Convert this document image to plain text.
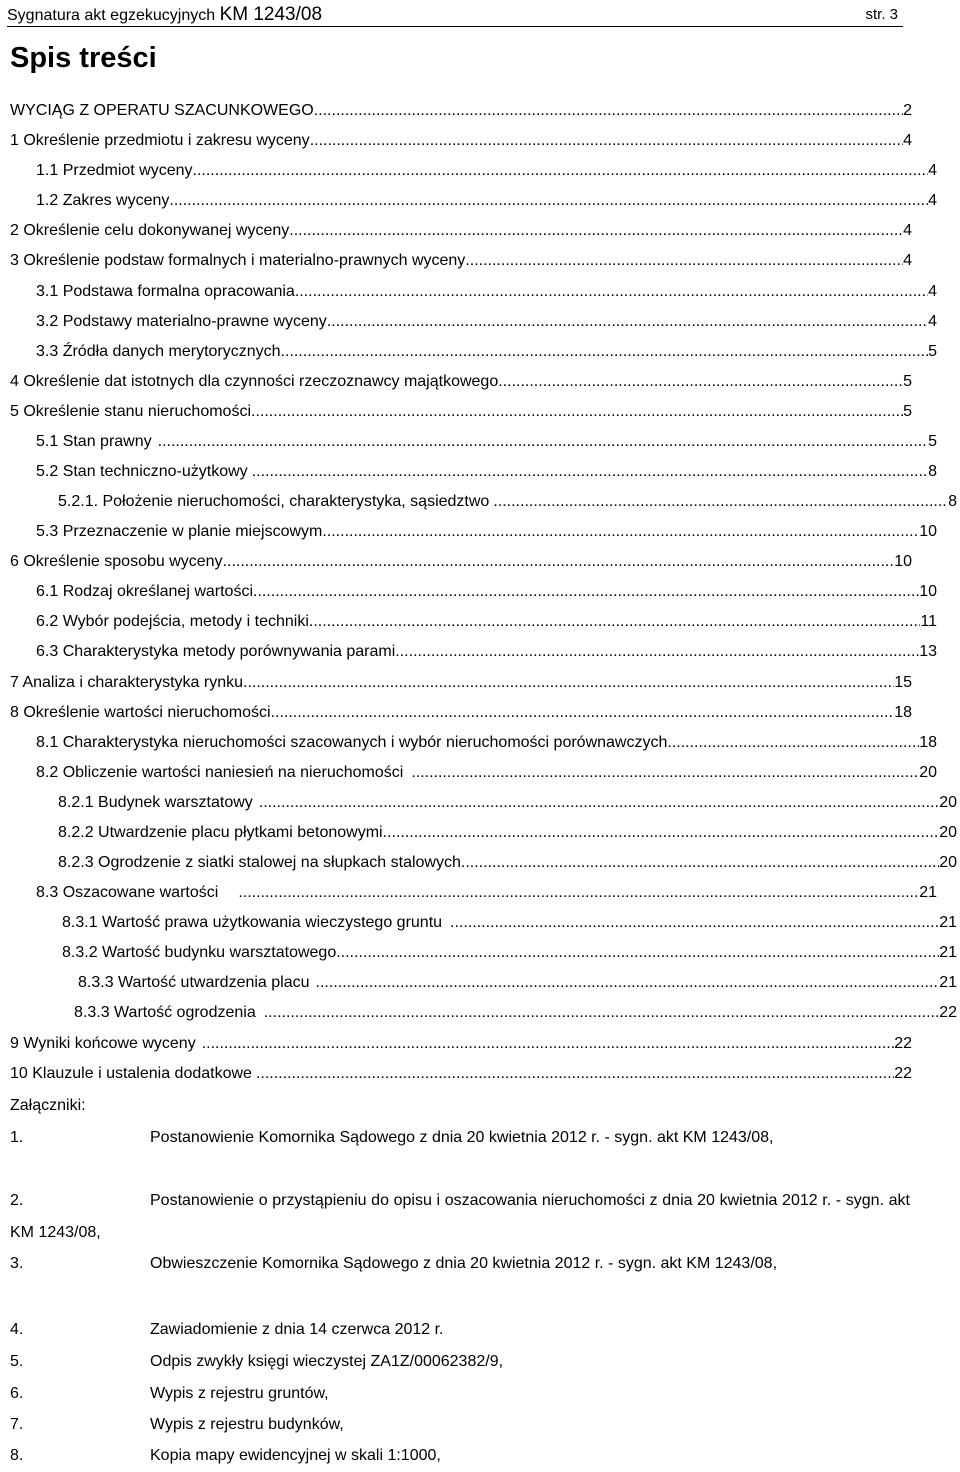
Sygnatura akt egzekucyjnych KM 1243/08	str. 3
Spis treści
WYCIĄG Z OPERATU SZACUNKOWEGO .....	2
1 Określenie przedmiotu i zakresu wyceny .....	4
1.1 Przedmiot wyceny .....	4
1.2 Zakres wyceny .....	4
2 Określenie celu dokonywanej wyceny .....	4
3 Określenie podstaw formalnych i materialno-prawnych wyceny .....	4
3.1 Podstawa formalna opracowania .....	4
3.2 Podstawy materialno-prawne wyceny .....	4
3.3 Źródła danych merytorycznych .....	5
4 Określenie dat istotnych dla czynności rzeczoznawcy majątkowego .....	5
5 Określenie stanu nieruchomości .....	5
5.1 Stan prawny .....	5
5.2 Stan techniczno-użytkowy .....	8
5.2.1. Położenie nieruchomości, charakterystyka, sąsiedztwo .....	8
5.3 Przeznaczenie w planie miejscowym .....	10
6 Określenie sposobu wyceny .....	10
6.1 Rodzaj określanej wartości .....	10
6.2 Wybór podejścia, metody i techniki .....	11
6.3 Charakterystyka metody porównywania parami .....	13
7 Analiza i charakterystyka rynku .....	15
8 Określenie wartości nieruchomości .....	18
8.1 Charakterystyka nieruchomości szacowanych i wybór nieruchomości porównawczych .....	18
8.2 Obliczenie wartości naniesień na nieruchomości .....	20
8.2.1 Budynek warsztatowy .....	20
8.2.2 Utwardzenie placu płytkami betonowymi .....	20
8.2.3 Ogrodzenie z siatki stalowej na słupkach stalowych .....	20
8.3 Oszacowane wartości .....	21
8.3.1 Wartość prawa użytkowania wieczystego gruntu .....	21
8.3.2 Wartość budynku warsztatowego .....	21
8.3.3 Wartość utwardzenia placu .....	21
8.3.3 Wartość ogrodzenia .....	22
9 Wyniki końcowe wyceny .....	22
10 Klauzule i ustalenia dodatkowe .....	22
Załączniki:
1.	Postanowienie Komornika Sądowego z dnia 20 kwietnia 2012 r. - sygn. akt KM 1243/08,
2.	Postanowienie o przystąpieniu do opisu i oszacowania nieruchomości z dnia 20 kwietnia 2012 r. - sygn. akt KM 1243/08,
3.	Obwieszczenie Komornika Sądowego z dnia 20 kwietnia 2012 r. - sygn. akt KM 1243/08,
4.	Zawiadomienie z dnia 14 czerwca 2012 r.
5.	Odpis zwykły księgi wieczystej ZA1Z/00062382/9,
6.	Wypis z rejestru gruntów,
7.	Wypis z rejestru budynków,
8.	Kopia mapy ewidencyjnej w skali 1:1000,
